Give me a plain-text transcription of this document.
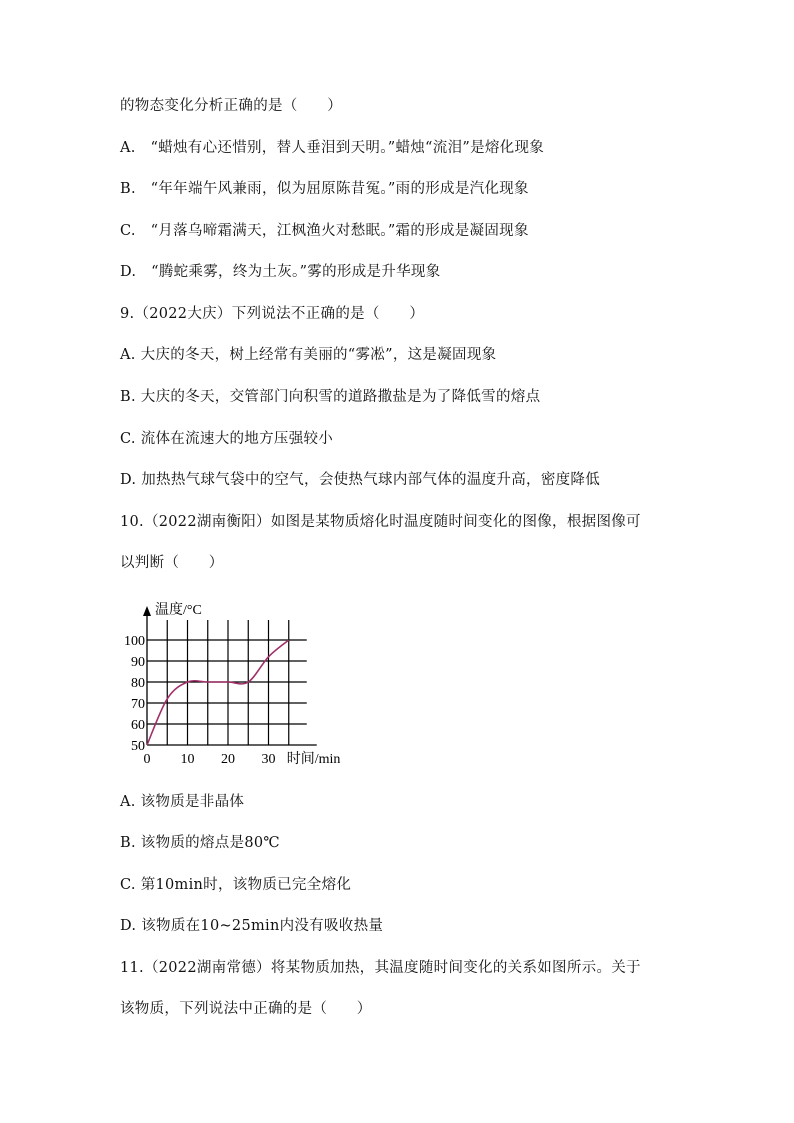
的物态变化分析正确的是（　　）
A.　“蜡烛有心还惜别，替人垂泪到天明。”蜡烛“流泪”是熔化现象
B.　“年年端午风兼雨，似为屈原陈昔冤。”雨的形成是汽化现象
C.　“月落乌啼霜满天，江枫渔火对愁眠。”霜的形成是凝固现象
D.　“腾蛇乘雾，终为土灰。”雾的形成是升华现象
9.（2022大庆）下列说法不正确的是（　　）
A. 大庆的冬天，树上经常有美丽的“雾凇”，这是凝固现象
B. 大庆的冬天，交管部门向积雪的道路撒盐是为了降低雪的熔点
C. 流体在流速大的地方压强较小
D. 加热热气球气袋中的空气，会使热气球内部气体的温度升高，密度降低
10.（2022湖南衡阳）如图是某物质熔化时温度随时间变化的图像，根据图像可
以判断（　　）
50
60
70
80
90
100
0 10 20 30
温度/°C
时间/min
A. 该物质是非晶体
B. 该物质的熔点是80℃
C. 第10min时，该物质已完全熔化
D. 该物质在10~25min内没有吸收热量
11.（2022湖南常德）将某物质加热，其温度随时间变化的关系如图所示。关于
该物质，下列说法中正确的是（　　）
